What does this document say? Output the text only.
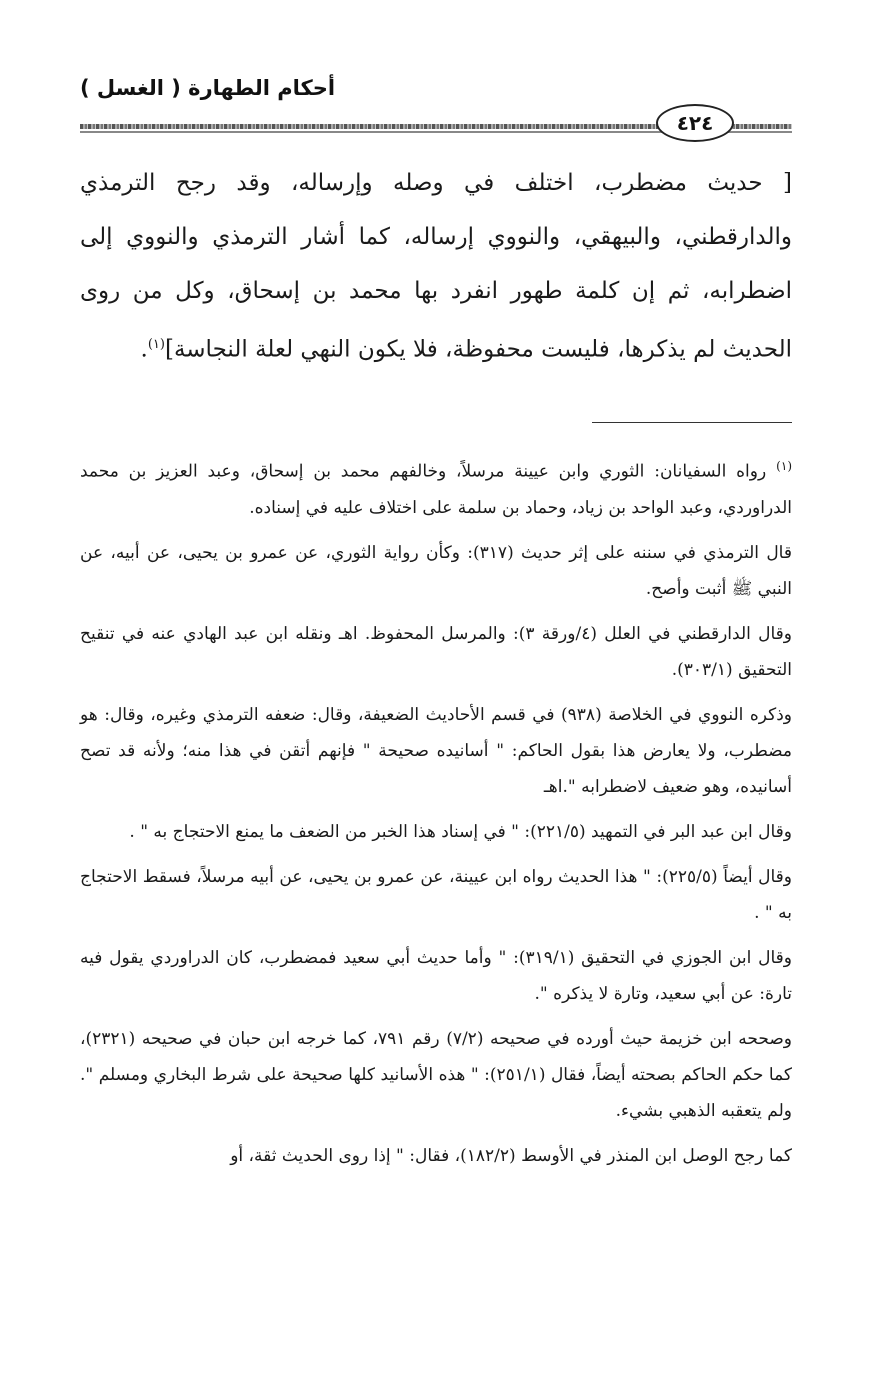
أحكام الطهارة ( الغسل )
٤٢٤

[ حديث مضطرب، اختلف في وصله وإرساله، وقد رجح الترمذي والدارقطني، والبيهقي، والنووي إرساله، كما أشار الترمذي والنووي إلى اضطرابه، ثم إن كلمة طهور انفرد بها محمد بن إسحاق، وكل من روى الحديث لم يذكرها، فليست محفوظة، فلا يكون النهي لعلة النجاسة]$^{(١)}$.

$^{(١)}$رواه السفيانان: الثوري وابن عيينة مرسلاً، وخالفهم محمد بن إسحاق، وعبد العزيز بن محمد الدراوردي، وعبد الواحد بن زياد، وحماد بن سلمة على اختلاف عليه في إسناده.

قال الترمذي في سننه على إثر حديث (٣١٧): وكأن رواية الثوري، عن عمرو بن يحيى، عن أبيه، عن النبي ﷺ أثبت وأصح.

وقال الدارقطني في العلل (٤/ورقة ٣): والمرسل المحفوظ. اهـ ونقله ابن عبد الهادي عنه في تنقيح التحقيق (٣٠٣/١).

وذكره النووي في الخلاصة (٩٣٨) في قسم الأحاديث الضعيفة، وقال: ضعفه الترمذي وغيره، وقال: هو مضطرب، ولا يعارض هذا بقول الحاكم: " أسانيده صحيحة " فإنهم أتقن في هذا منه؛ ولأنه قد تصح أسانيده، وهو ضعيف لاضطرابه ".اهـ

وقال ابن عبد البر في التمهيد (٢٢١/٥): " في إسناد هذا الخبر من الضعف ما يمنع الاحتجاج به " .

وقال أيضاً (٢٢٥/٥): " هذا الحديث رواه ابن عيينة، عن عمرو بن يحيى، عن أبيه مرسلاً، فسقط الاحتجاج به " .

وقال ابن الجوزي في التحقيق (٣١٩/١): " وأما حديث أبي سعيد فمضطرب، كان الدراوردي يقول فيه تارة: عن أبي سعيد، وتارة لا يذكره ".

وصححه ابن خزيمة حيث أورده في صحيحه (٧/٢) رقم ٧٩١، كما خرجه ابن حبان في صحيحه (٢٣٢١)، كما حكم الحاكم بصحته أيضاً، فقال (٢٥١/١): " هذه الأسانيد كلها صحيحة على شرط البخاري ومسلم ". ولم يتعقبه الذهبي بشيء.

كما رجح الوصل ابن المنذر في الأوسط (١٨٢/٢)، فقال: " إذا روى الحديث ثقة، أو
